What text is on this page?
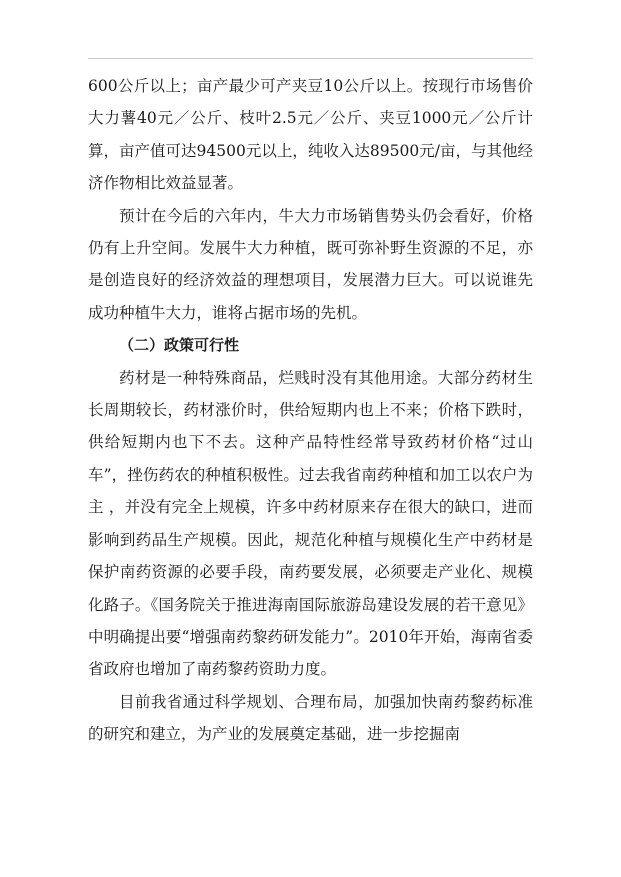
600公斤以上；亩产最少可产夹豆10公斤以上。按现行市场售价大力薯40元／公斤、枝叶2.5元／公斤、夹豆1000元／公斤计算，亩产值可达94500元以上，纯收入达89500元/亩，与其他经济作物相比效益显著。

预计在今后的六年内，牛大力市场销售势头仍会看好，价格仍有上升空间。发展牛大力种植，既可弥补野生资源的不足，亦是创造良好的经济效益的理想项目，发展潜力巨大。可以说谁先成功种植牛大力，谁将占据市场的先机。

（二）政策可行性

药材是一种特殊商品，烂贱时没有其他用途。大部分药材生长周期较长，药材涨价时，供给短期内也上不来；价格下跌时，供给短期内也下不去。这种产品特性经常导致药材价格“过山车”，挫伤药农的种植积极性。过去我省南药种植和加工以农户为主 ，并没有完全上规模，许多中药材原来存在很大的缺口，进而影响到药品生产规模。因此，规范化种植与规模化生产中药材是保护南药资源的必要手段，南药要发展，必须要走产业化、规模化路子。《国务院关于推进海南国际旅游岛建设发展的若干意见》中明确提出要“增强南药黎药研发能力”。2010年开始，海南省委省政府也增加了南药黎药资助力度。

目前我省通过科学规划、合理布局，加强加快南药黎药标准的研究和建立，为产业的发展奠定基础，进一步挖掘南
